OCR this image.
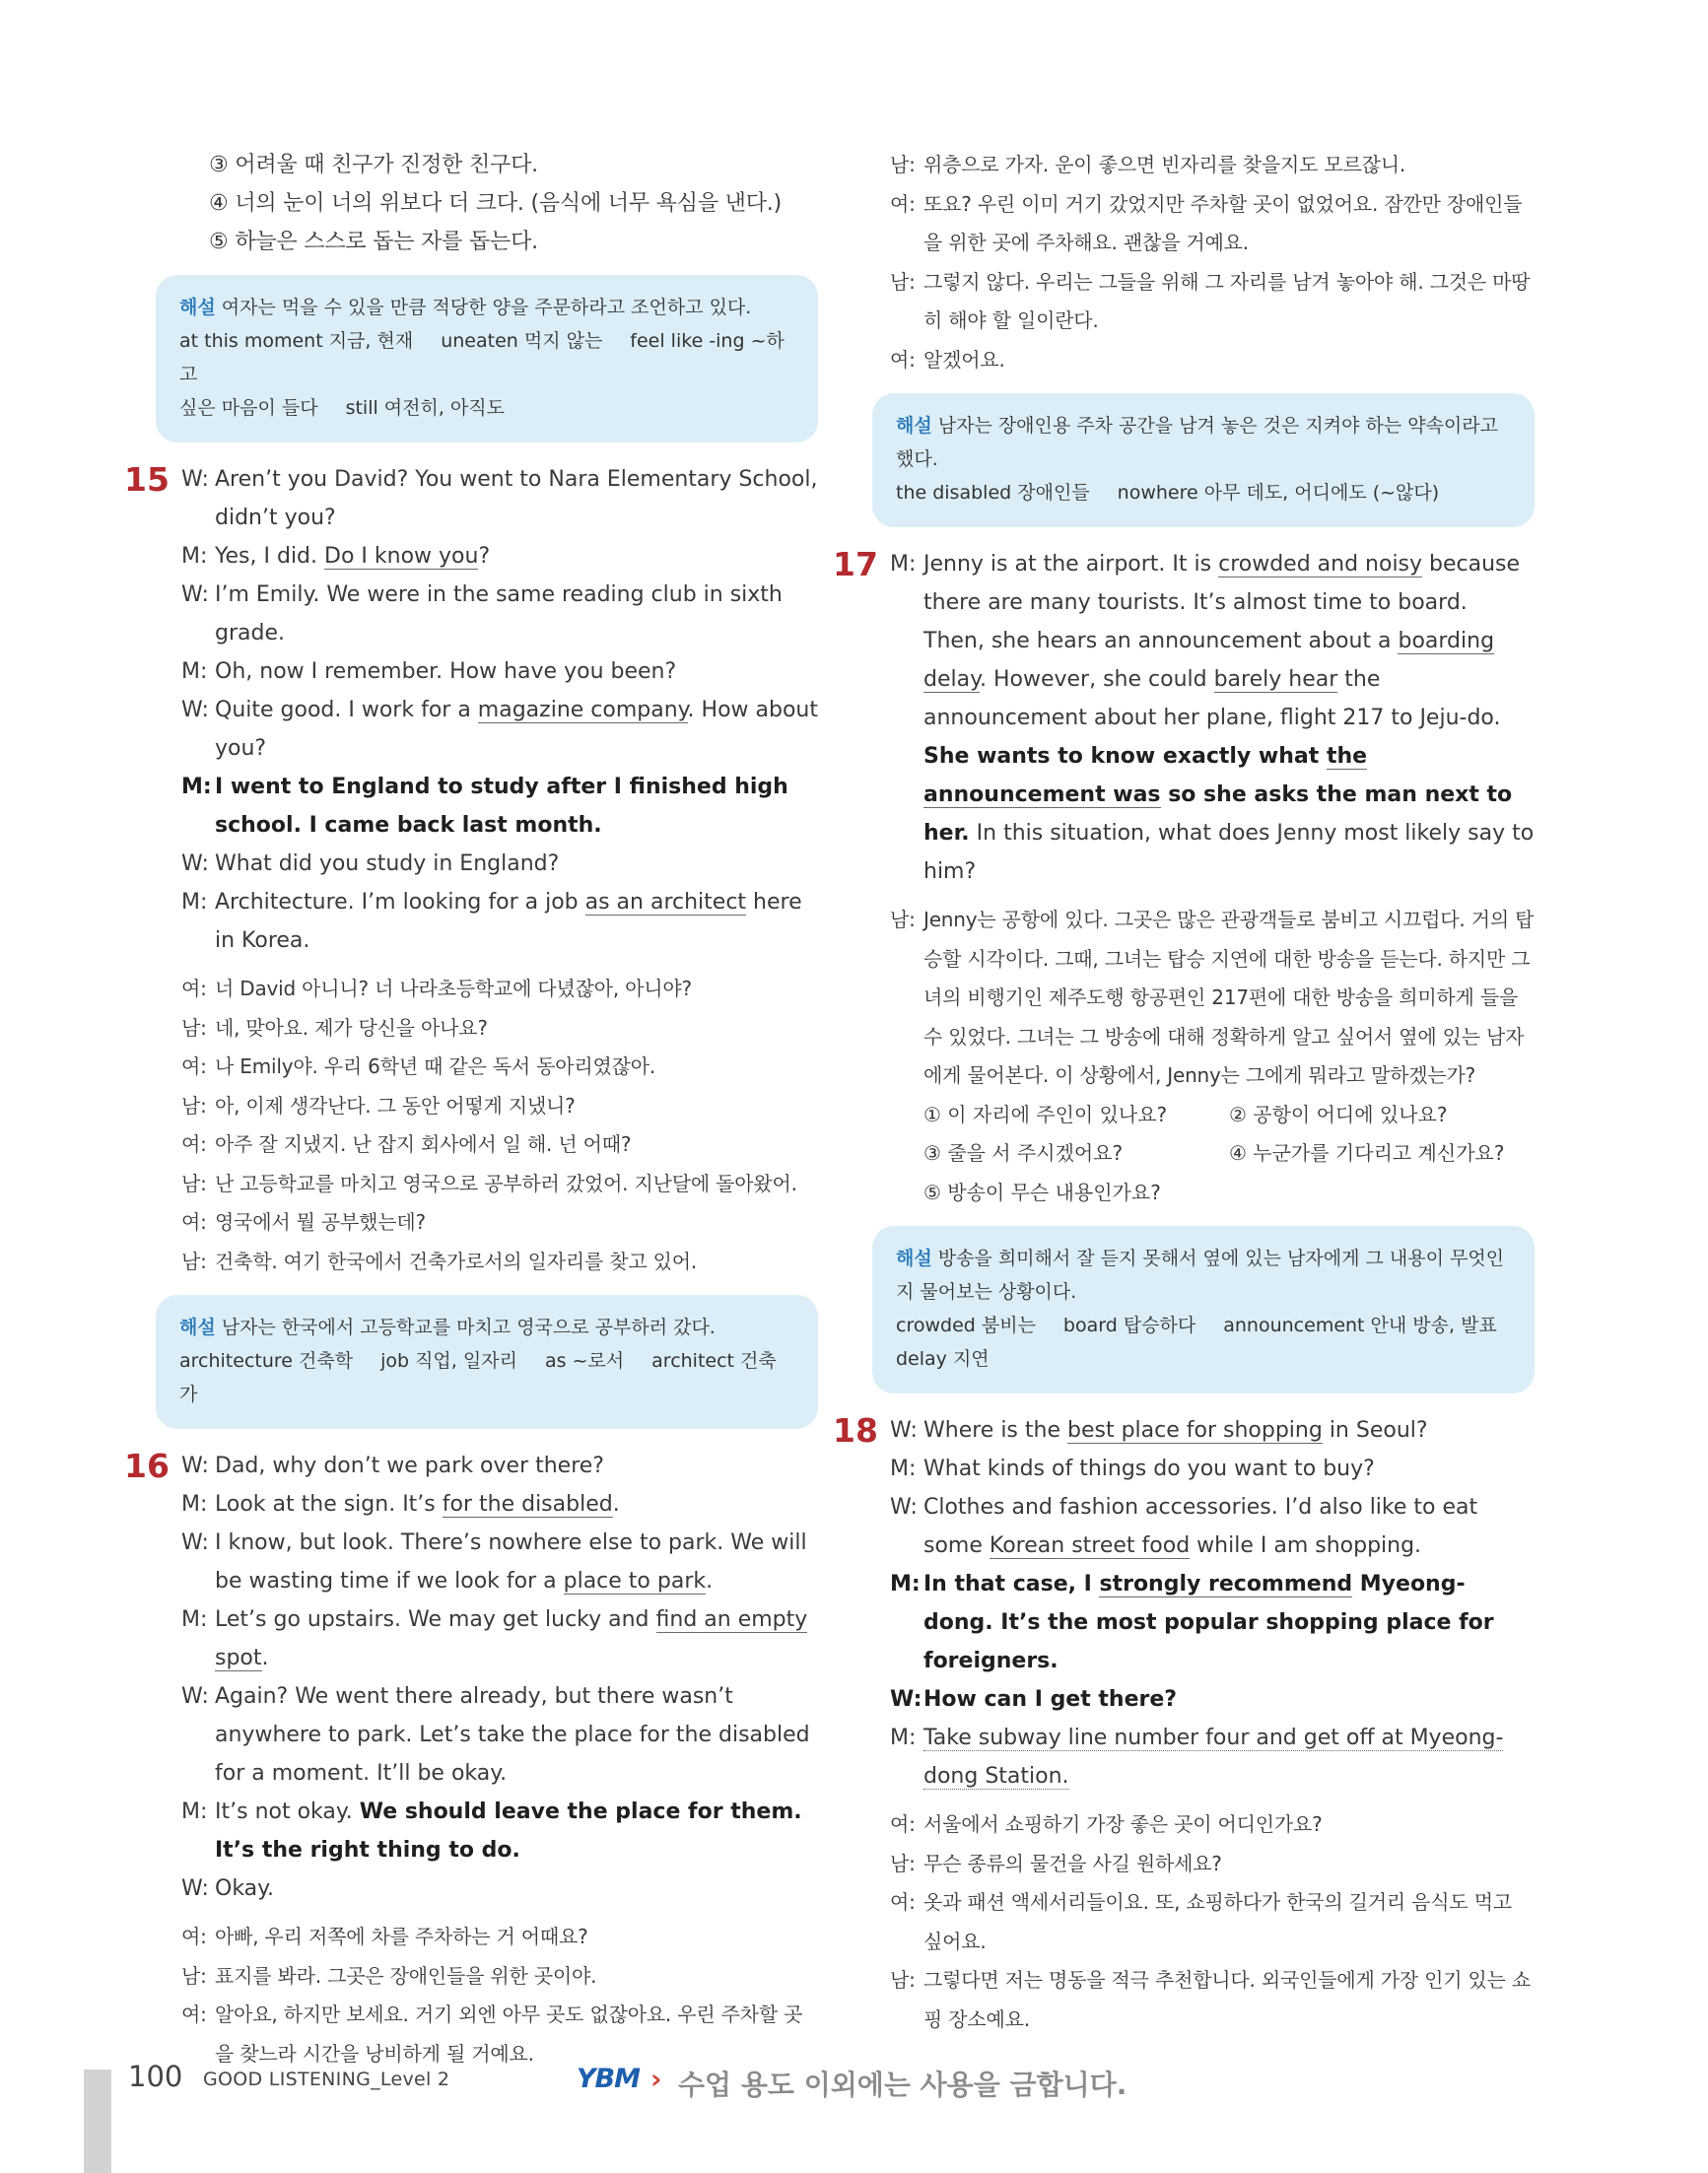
③ 어려울 때 친구가 진정한 친구다.
④ 너의 눈이 너의 위보다 더 크다. (음식에 너무 욕심을 낸다.)
⑤ 하늘은 스스로 돕는 자를 돕는다.
해설 여자는 먹을 수 있을 만큼 적당한 양을 주문하라고 조언하고 있다.
at this moment 지금, 현재 uneaten 먹지 않는 feel like -ing ~하고
싶은 마음이 들다 still 여전히, 아직도
15 W: Aren’t you David? You went to Nara Elementary School, didn’t you?
M: Yes, I did. Do I know you?
W: I’m Emily. We were in the same reading club in sixth grade.
M: Oh, now I remember. How have you been?
W: Quite good. I work for a magazine company. How about you?
M: I went to England to study after I finished high school. I came back last month.
W: What did you study in England?
M: Architecture. I’m looking for a job as an architect here in Korea.
여: 너 David 아니니? 너 나라초등학교에 다녔잖아, 아니야?
남: 네, 맞아요. 제가 당신을 아나요?
여: 나 Emily야. 우리 6학년 때 같은 독서 동아리였잖아.
남: 아, 이제 생각난다. 그 동안 어떻게 지냈니?
여: 아주 잘 지냈지. 난 잡지 회사에서 일 해. 넌 어때?
남: 난 고등학교를 마치고 영국으로 공부하러 갔었어. 지난달에 돌아왔어.
여: 영국에서 뭘 공부했는데?
남: 건축학. 여기 한국에서 건축가로서의 일자리를 찾고 있어.
해설 남자는 한국에서 고등학교를 마치고 영국으로 공부하러 갔다.
architecture 건축학 job 직업, 일자리 as ~로서 architect 건축가
16 W: Dad, why don’t we park over there?
M: Look at the sign. It’s for the disabled.
W: I know, but look. There’s nowhere else to park. We will be wasting time if we look for a place to park.
M: Let’s go upstairs. We may get lucky and find an empty spot.
W: Again? We went there already, but there wasn’t anywhere to park. Let’s take the place for the disabled for a moment. It’ll be okay.
M: It’s not okay. We should leave the place for them. It’s the right thing to do.
W: Okay.
여: 아빠, 우리 저쪽에 차를 주차하는 거 어때요?
남: 표지를 봐라. 그곳은 장애인들을 위한 곳이야.
여: 알아요, 하지만 보세요. 거기 외엔 아무 곳도 없잖아요. 우린 주차할 곳을 찾느라 시간을 낭비하게 될 거예요.
남: 위층으로 가자. 운이 좋으면 빈자리를 찾을지도 모르잖니.
여: 또요? 우린 이미 거기 갔었지만 주차할 곳이 없었어요. 잠깐만 장애인들을 위한 곳에 주차해요. 괜찮을 거예요.
남: 그렇지 않다. 우리는 그들을 위해 그 자리를 남겨 놓아야 해. 그것은 마땅히 해야 할 일이란다.
여: 알겠어요.
해설 남자는 장애인용 주차 공간을 남겨 놓은 것은 지켜야 하는 약속이라고 했다.
the disabled 장애인들 nowhere 아무 데도, 어디에도 (~않다)
17 M: Jenny is at the airport. It is crowded and noisy because there are many tourists. It’s almost time to board. Then, she hears an announcement about a boarding delay. However, she could barely hear the announcement about her plane, flight 217 to Jeju-do. She wants to know exactly what the announcement was so she asks the man next to her. In this situation, what does Jenny most likely say to him?
남: Jenny는 공항에 있다. 그곳은 많은 관광객들로 붐비고 시끄럽다. 거의 탑승할 시각이다. 그때, 그녀는 탑승 지연에 대한 방송을 듣는다. 하지만 그녀의 비행기인 제주도행 항공편인 217편에 대한 방송을 희미하게 들을 수 있었다. 그녀는 그 방송에 대해 정확하게 알고 싶어서 옆에 있는 남자에게 물어본다. 이 상황에서, Jenny는 그에게 뭐라고 말하겠는가?
① 이 자리에 주인이 있나요?	② 공항이 어디에 있나요?
③ 줄을 서 주시겠어요?	④ 누군가를 기다리고 계신가요?
⑤ 방송이 무슨 내용인가요?
해설 방송을 희미해서 잘 듣지 못해서 옆에 있는 남자에게 그 내용이 무엇인지 물어보는 상황이다.
crowded 붐비는 board 탑승하다 announcement 안내 방송, 발표
delay 지연
18 W: Where is the best place for shopping in Seoul?
M: What kinds of things do you want to buy?
W: Clothes and fashion accessories. I’d also like to eat some Korean street food while I am shopping.
M: In that case, I strongly recommend Myeong-dong. It’s the most popular shopping place for foreigners.
W: How can I get there?
M: Take subway line number four and get off at Myeong-dong Station.
여: 서울에서 쇼핑하기 가장 좋은 곳이 어디인가요?
남: 무슨 종류의 물건을 사길 원하세요?
여: 옷과 패션 액세서리들이요. 또, 쇼핑하다가 한국의 길거리 음식도 먹고 싶어요.
남: 그렇다면 저는 명동을 적극 추천합니다. 외국인들에게 가장 인기 있는 쇼핑 장소예요.
100 GOOD LISTENING_Level 2	YBM › 수업 용도 이외에는 사용을 금합니다.
